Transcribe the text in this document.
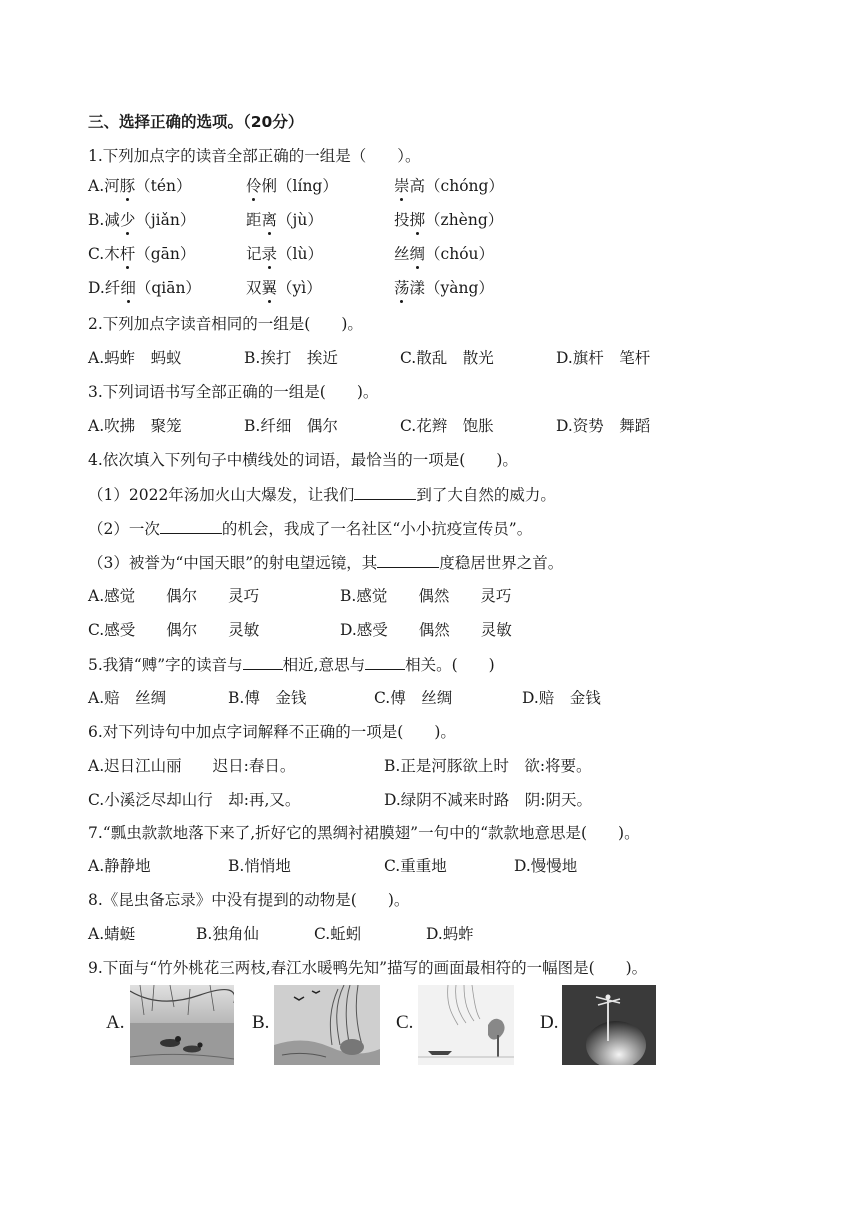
三、选择正确的选项。（20分）
1.下列加点字的读音全部正确的一组是（　　）。
A.河豚（tén）	伶俐（líng）	崇高（chóng）
B.减少（jiǎn）	距离（jù）	投掷（zhèng）
C.木杆（gān）	记录（lù）	丝绸（chóu）
D.纤细（qiān）	双翼（yì）	荡漾（yàng）
2.下列加点字读音相同的一组是(　　)。
A.蚂蚱　蚂蚁	B.挨打　挨近	C.散乱　散光	D.旗杆　笔杆
3.下列词语书写全部正确的一组是(　　)。
A.吹拂　聚笼	B.纤细　偶尔	C.花辫　饱胀	D.资势　舞蹈
4.依次填入下列句子中横线处的词语，最恰当的一项是(　　)。
（1）2022年汤加火山大爆发，让我们	到了大自然的威力。
（2）一次	的机会，我成了一名社区“小小抗疫宣传员”。
（3）被誉为“中国天眼”的射电望远镜，其	度稳居世界之首。
A.感觉　　偶尔　　灵巧	B.感觉　　偶然　　灵巧
C.感受　　偶尔　　灵敏	D.感受　　偶然　　灵敏
5.我猜“赙”字的读音与	相近,意思与	相关。(　　)
A.赔　丝绸	B.傅　金钱	C.傅　丝绸	D.赔　金钱
6.对下列诗句中加点字词解释不正确的一项是(　　)。
A.迟日江山丽　　迟日:春日。	B.正是河豚欲上时　欲:将要。
C.小溪泛尽却山行　却:再,又。	D.绿阴不减来时路　阴:阴天。
7.“瓢虫款款地落下来了,折好它的黑绸衬裙膜翅”一句中的“款款地意思是(　　)。
A.静静地	B.悄悄地	C.重重地	D.慢慢地
8.《昆虫备忘录》中没有提到的动物是(　　)。
A.蜻蜓	B.独角仙	C.蚯蚓	D.蚂蚱
9.下面与“竹外桃花三两枝,春江水暖鸭先知”描写的画面最相符的一幅图是(　　)。
A.	B.	C.	D.
